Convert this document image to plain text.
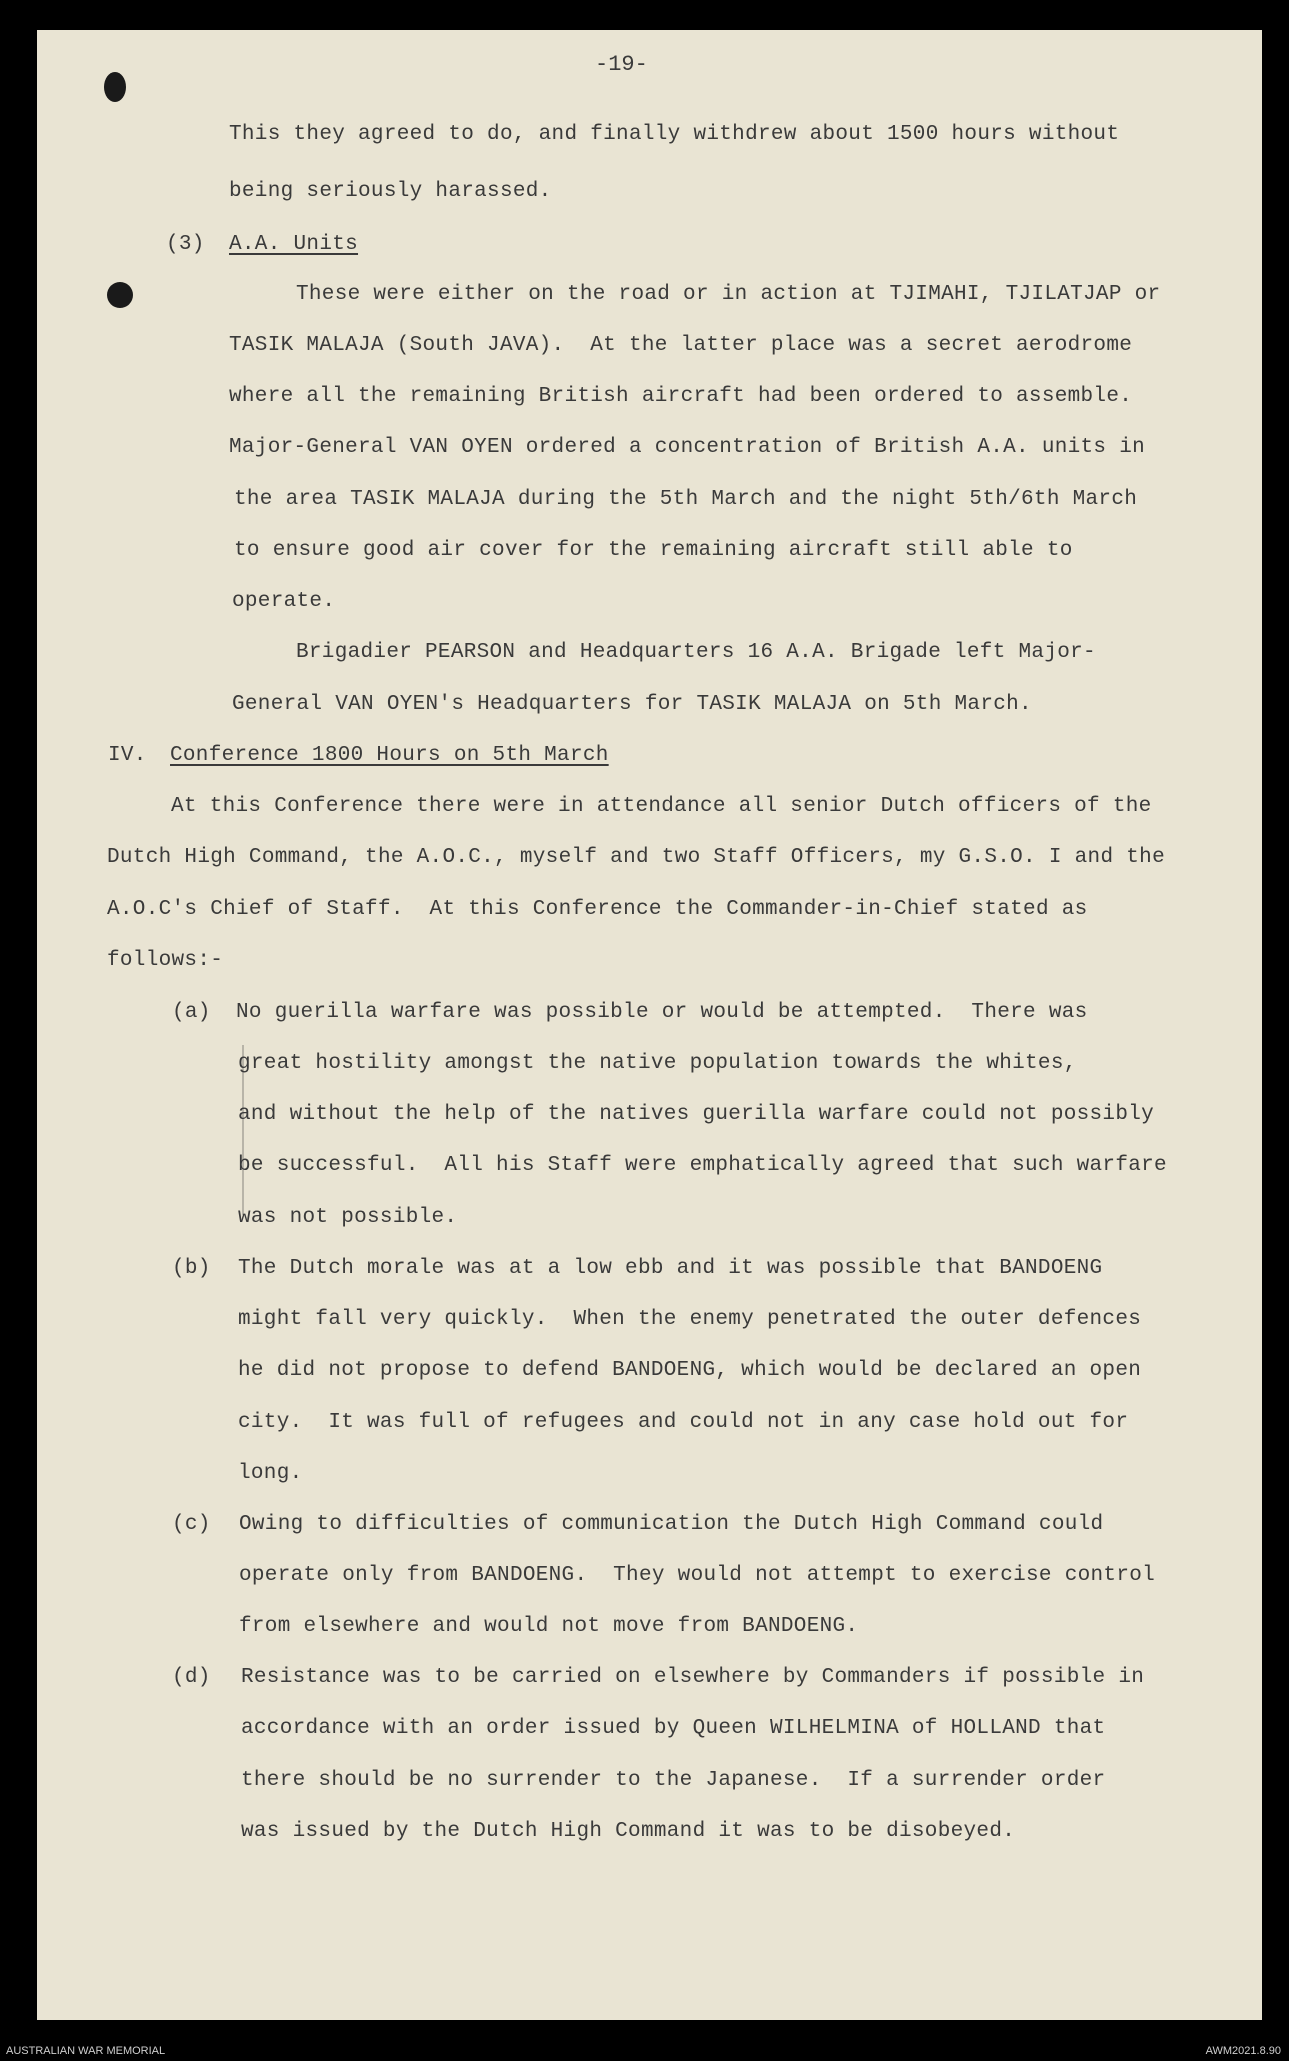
-19-

This they agreed to do, and finally withdrew about 1500 hours without

being seriously harassed.

(3) A.A. Units

These were either on the road or in action at TJIMAHI, TJILATJAP or

TASIK MALAJA (South JAVA).  At the latter place was a secret aerodrome

where all the remaining British aircraft had been ordered to assemble.

Major-General VAN OYEN ordered a concentration of British A.A. units in

the area TASIK MALAJA during the 5th March and the night 5th/6th March

to ensure good air cover for the remaining aircraft still able to

operate.

Brigadier PEARSON and Headquarters 16 A.A. Brigade left Major-

General VAN OYEN's Headquarters for TASIK MALAJA on 5th March.

IV. Conference 1800 Hours on 5th March

At this Conference there were in attendance all senior Dutch officers of the

Dutch High Command, the A.O.C., myself and two Staff Officers, my G.S.O. I and the

A.O.C's Chief of Staff.  At this Conference the Commander-in-Chief stated as

follows:-

(a) No guerilla warfare was possible or would be attempted.  There was

great hostility amongst the native population towards the whites,

and without the help of the natives guerilla warfare could not possibly

be successful.  All his Staff were emphatically agreed that such warfare

was not possible.

(b) The Dutch morale was at a low ebb and it was possible that BANDOENG

might fall very quickly.  When the enemy penetrated the outer defences

he did not propose to defend BANDOENG, which would be declared an open

city.  It was full of refugees and could not in any case hold out for

long.

(c) Owing to difficulties of communication the Dutch High Command could

operate only from BANDOENG.  They would not attempt to exercise control

from elsewhere and would not move from BANDOENG.

(d) Resistance was to be carried on elsewhere by Commanders if possible in

accordance with an order issued by Queen WILHELMINA of HOLLAND that

there should be no surrender to the Japanese.  If a surrender order

was issued by the Dutch High Command it was to be disobeyed.

AUSTRALIAN WAR MEMORIAL	AWM2021.8.90
